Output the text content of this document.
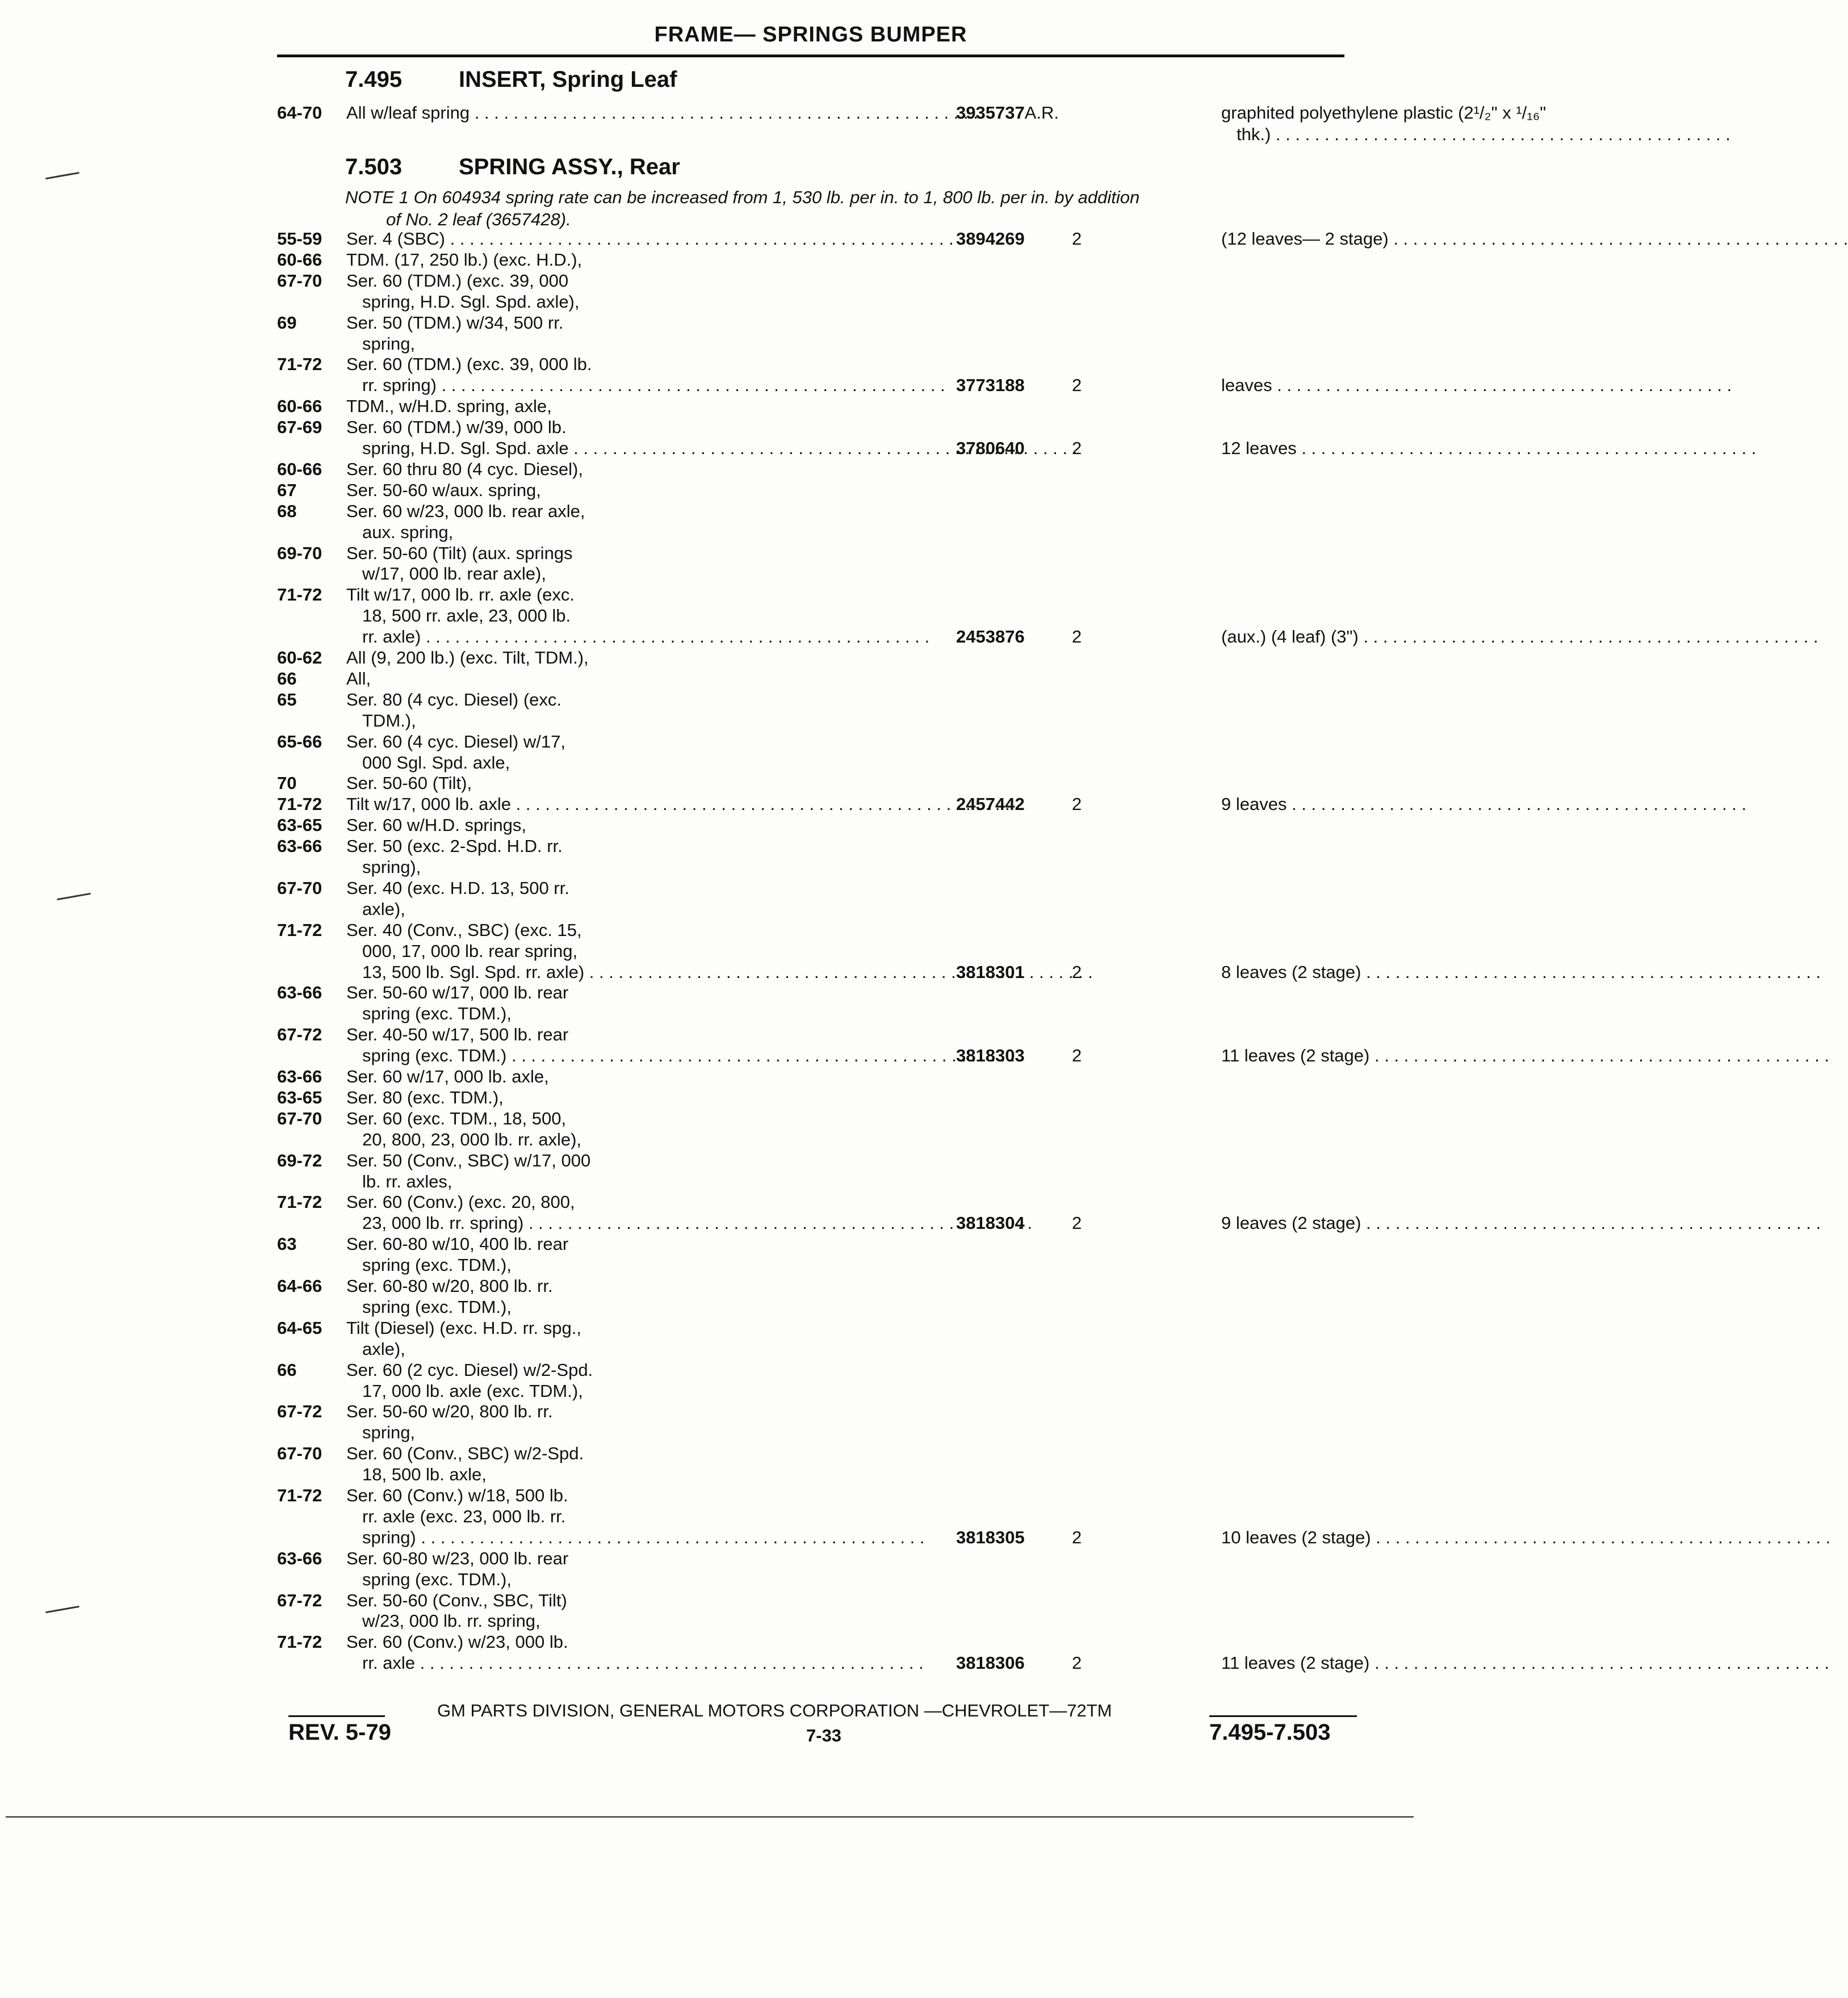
FRAME— SPRINGS BUMPER
7.495 INSERT, Spring Leaf
64-70 All w/leaf spring . . .	3935737A.R.	graphited polyethylene plastic (2¹/₂" x ¹/₁₆"
thk.) . . .
7.503 SPRING ASSY., Rear
NOTE 1 On 604934 spring rate can be increased from 1, 530 lb. per in. to 1, 800 lb. per in. by addition
of No. 2 leaf (3657428).
55-59 Ser. 4 (SBC) . . .	3894269	2	(12 leaves— 2 stage) . . .
60-66 TDM. (17, 250 lb.) (exc. H.D.),
67-70 Ser. 60 (TDM.) (exc. 39, 000
spring, H.D. Sgl. Spd. axle),
69	Ser. 50 (TDM.) w/34, 500 rr.
spring,
71-72 Ser. 60 (TDM.) (exc. 39, 000 lb.
rr. spring) . . .	3773188	2	leaves . . .
60-66 TDM., w/H.D. spring, axle,
67-69 Ser. 60 (TDM.) w/39, 000 lb.
spring, H.D. Sgl. Spd. axle . . .	3780640	2	12 leaves . . .
60-66 Ser. 60 thru 80 (4 cyc. Diesel),
67	Ser. 50-60 w/aux. spring,
68	Ser. 60 w/23, 000 lb. rear axle,
aux. spring,
69-70 Ser. 50-60 (Tilt) (aux. springs
w/17, 000 lb. rear axle),
71-72 Tilt w/17, 000 lb. rr. axle (exc.
18, 500 rr. axle, 23, 000 lb.
rr. axle) . . .	2453876	2	(aux.) (4 leaf) (3") . . .
60-62 All (9, 200 lb.) (exc. Tilt, TDM.),
66	All,
65	Ser. 80 (4 cyc. Diesel) (exc.
TDM.),
65-66 Ser. 60 (4 cyc. Diesel) w/17,
000 Sgl. Spd. axle,
70	Ser. 50-60 (Tilt),
71-72 Tilt w/17, 000 lb. axle . . .	2457442	2	9 leaves . . .
63-65 Ser. 60 w/H.D. springs,
63-66 Ser. 50 (exc. 2-Spd. H.D. rr.
spring),
67-70 Ser. 40 (exc. H.D. 13, 500 rr.
axle),
71-72 Ser. 40 (Conv., SBC) (exc. 15,
000, 17, 000 lb. rear spring,
13, 500 lb. Sgl. Spd. rr. axle) . . .	3818301	2	8 leaves (2 stage) . . .
63-66 Ser. 50-60 w/17, 000 lb. rear
spring (exc. TDM.),
67-72 Ser. 40-50 w/17, 500 lb. rear
spring (exc. TDM.) . . .	3818303	2	11 leaves (2 stage) . . .
63-66 Ser. 60 w/17, 000 lb. axle,
63-65 Ser. 80 (exc. TDM.),
67-70 Ser. 60 (exc. TDM., 18, 500,
20, 800, 23, 000 lb. rr. axle),
69-72 Ser. 50 (Conv., SBC) w/17, 000
lb. rr. axles,
71-72 Ser. 60 (Conv.) (exc. 20, 800,
23, 000 lb. rr. spring) . . .	3818304	2	9 leaves (2 stage) . . .
63	Ser. 60-80 w/10, 400 lb. rear
spring (exc. TDM.),
64-66 Ser. 60-80 w/20, 800 lb. rr.
spring (exc. TDM.),
64-65 Tilt (Diesel) (exc. H.D. rr. spg.,
axle),
66	Ser. 60 (2 cyc. Diesel) w/2-Spd.
17, 000 lb. axle (exc. TDM.),
67-72 Ser. 50-60 w/20, 800 lb. rr.
spring,
67-70 Ser. 60 (Conv., SBC) w/2-Spd.
18, 500 lb. axle,
71-72 Ser. 60 (Conv.) w/18, 500 lb.
rr. axle (exc. 23, 000 lb. rr.
spring) . . .	3818305	2	10 leaves (2 stage) . . .
63-66 Ser. 60-80 w/23, 000 lb. rear
spring (exc. TDM.),
67-72 Ser. 50-60 (Conv., SBC, Tilt)
w/23, 000 lb. rr. spring,
71-72 Ser. 60 (Conv.) w/23, 000 lb.
rr. axle . . .	3818306	2	11 leaves (2 stage) . . .
GM PARTS DIVISION, GENERAL MOTORS CORPORATION —CHEVROLET—72TM
REV. 5-79	7-33	7.495-7.503
